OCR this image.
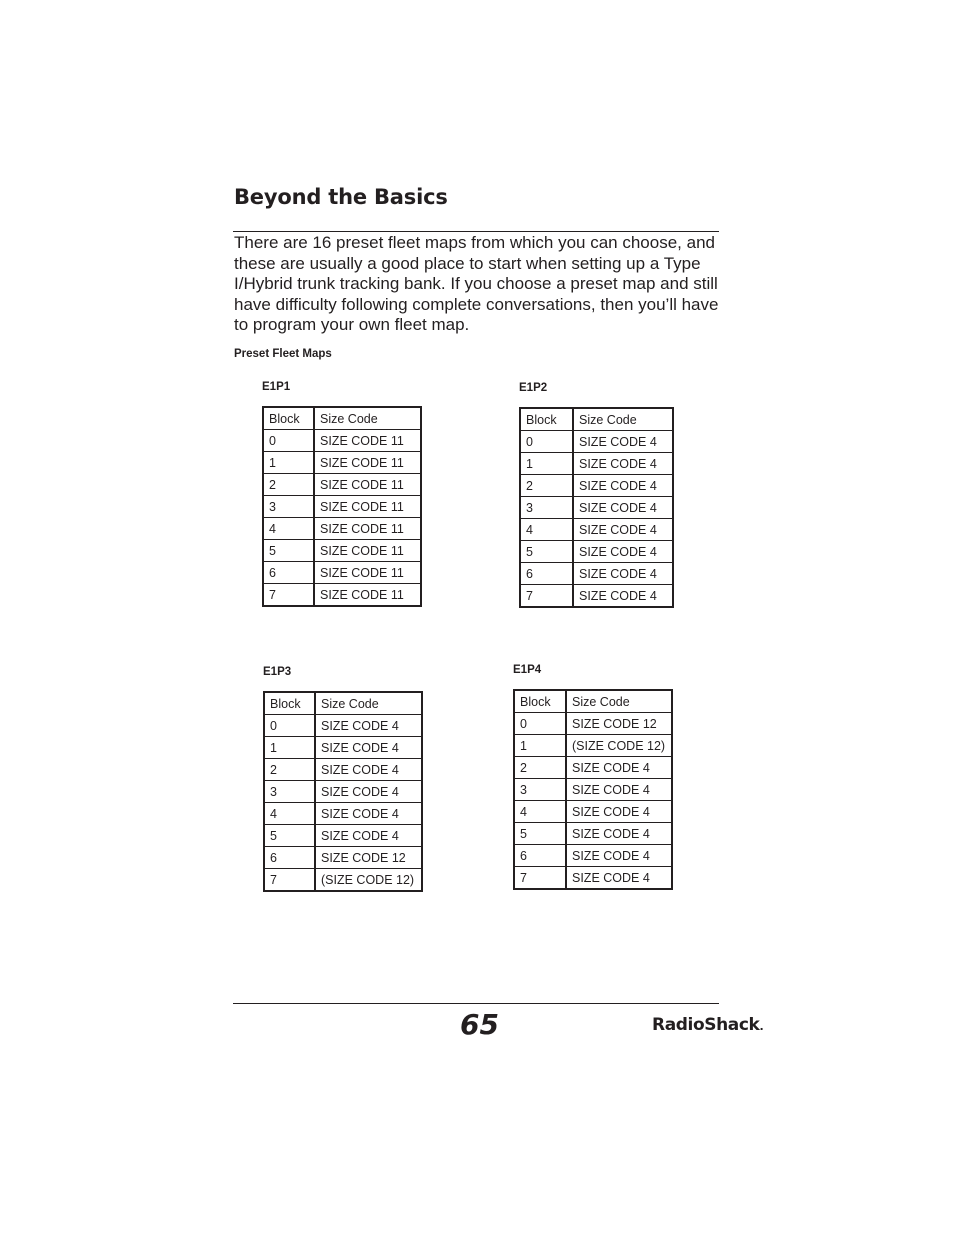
Beyond the Basics

There are 16 preset fleet maps from which you can choose, and these are usually a good place to start when setting up a Type I/Hybrid trunk tracking bank. If you choose a preset map and still have difficulty following complete conversations, then you’ll have to program your own fleet map.

Preset Fleet Maps

E1P1

Block	Size Code
0	SIZE CODE 11
1	SIZE CODE 11
2	SIZE CODE 11
3	SIZE CODE 11
4	SIZE CODE 11
5	SIZE CODE 11
6	SIZE CODE 11
7	SIZE CODE 11

E1P2

Block	Size Code
0	SIZE CODE 4
1	SIZE CODE 4
2	SIZE CODE 4
3	SIZE CODE 4
4	SIZE CODE 4
5	SIZE CODE 4
6	SIZE CODE 4
7	SIZE CODE 4

E1P3

Block	Size Code
0	SIZE CODE 4
1	SIZE CODE 4
2	SIZE CODE 4
3	SIZE CODE 4
4	SIZE CODE 4
5	SIZE CODE 4
6	SIZE CODE 12
7	(SIZE CODE 12)

E1P4

Block	Size Code
0	SIZE CODE 12
1	(SIZE CODE 12)
2	SIZE CODE 4
3	SIZE CODE 4
4	SIZE CODE 4
5	SIZE CODE 4
6	SIZE CODE 4
7	SIZE CODE 4

65	RadioShack.
